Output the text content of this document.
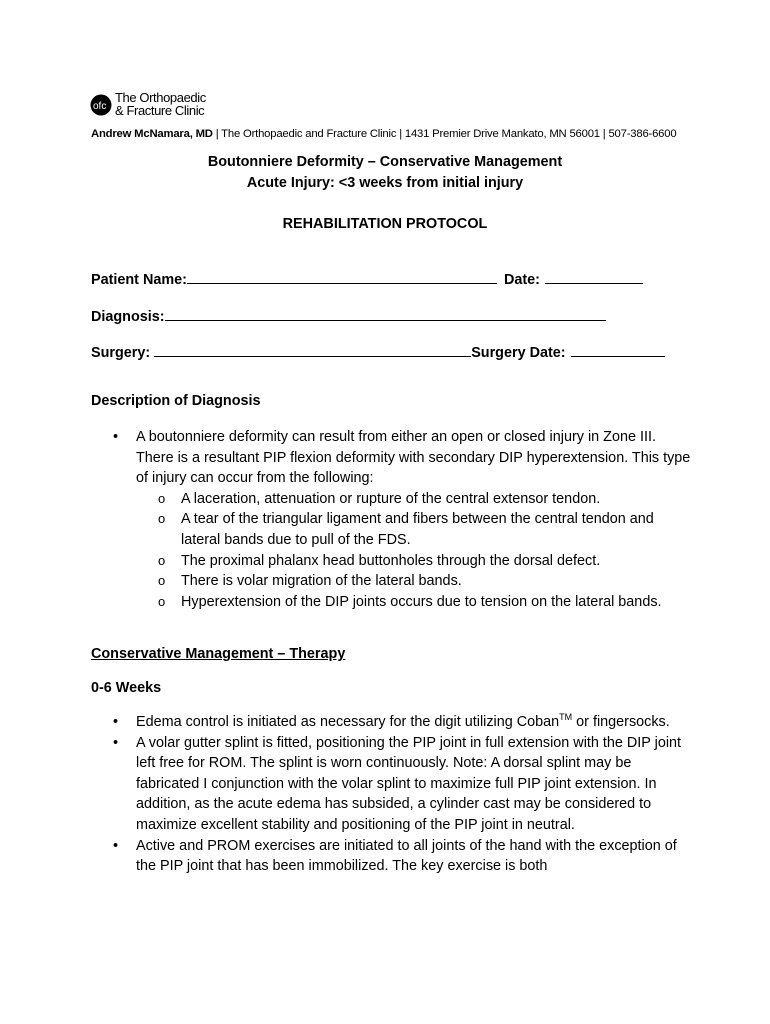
ofc
The Orthopaedic
& Fracture Clinic
Andrew McNamara, MD | The Orthopaedic and Fracture Clinic | 1431 Premier Drive Mankato, MN 56001 | 507-386-6600
Boutonniere Deformity – Conservative Management
Acute Injury: <3 weeks from initial injury
REHABILITATION PROTOCOL
Patient Name:	Date:
Diagnosis:
Surgery:	Surgery Date:
Description of Diagnosis
• A boutonniere deformity can result from either an open or closed injury in Zone III. There is a resultant PIP flexion deformity with secondary DIP hyperextension. This type of injury can occur from the following:
o A laceration, attenuation or rupture of the central extensor tendon.
o A tear of the triangular ligament and fibers between the central tendon and lateral bands due to pull of the FDS.
o The proximal phalanx head buttonholes through the dorsal defect.
o There is volar migration of the lateral bands.
o Hyperextension of the DIP joints occurs due to tension on the lateral bands.
Conservative Management – Therapy
0-6 Weeks
• Edema control is initiated as necessary for the digit utilizing Coban™ or fingersocks.
• A volar gutter splint is fitted, positioning the PIP joint in full extension with the DIP joint left free for ROM. The splint is worn continuously. Note: A dorsal splint may be fabricated I conjunction with the volar splint to maximize full PIP joint extension. In addition, as the acute edema has subsided, a cylinder cast may be considered to maximize excellent stability and positioning of the PIP joint in neutral.
• Active and PROM exercises are initiated to all joints of the hand with the exception of the PIP joint that has been immobilized. The key exercise is both
